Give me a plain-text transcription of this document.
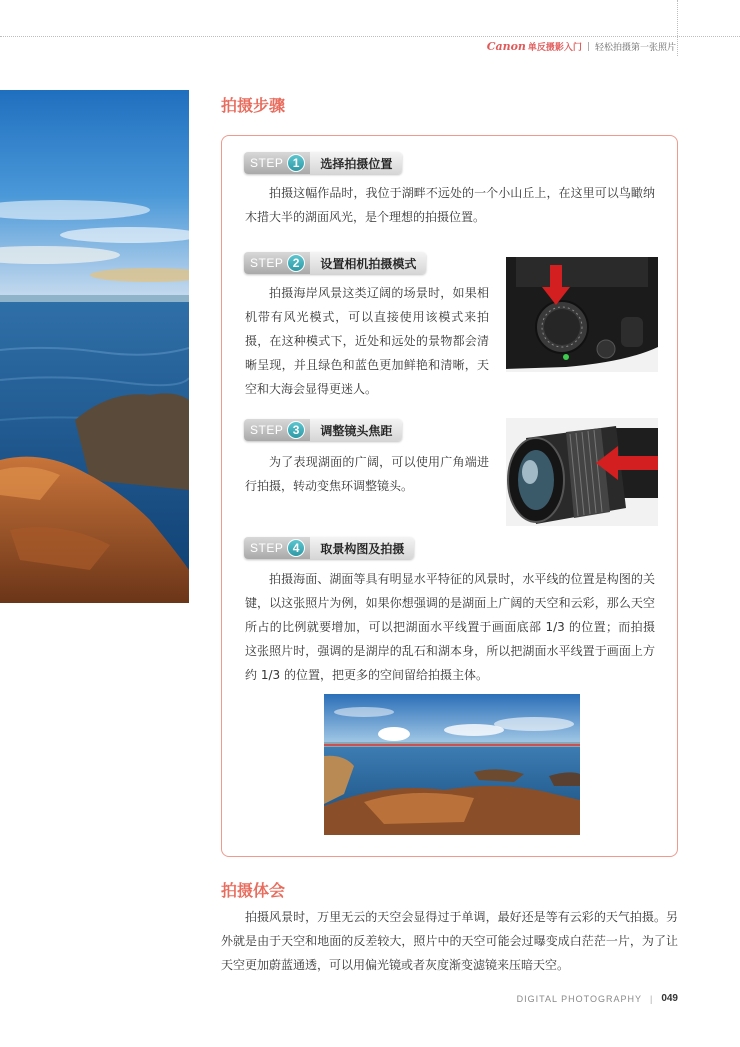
Canon 单反摄影入门 | 轻松拍摄第一张照片
拍摄步骤
STEP 1	选择拍摄位置
拍摄这幅作品时，我位于湖畔不远处的一个小山丘上，在这里可以鸟瞰纳木措大半的湖面风光，是个理想的拍摄位置。
STEP 2	设置相机拍摄模式
拍摄海岸风景这类辽阔的场景时，如果相机带有风光模式，可以直接使用该模式来拍摄，在这种模式下，近处和远处的景物都会清晰呈现，并且绿色和蓝色更加鲜艳和清晰，天空和大海会显得更迷人。
STEP 3	调整镜头焦距
为了表现湖面的广阔，可以使用广角端进行拍摄，转动变焦环调整镜头。
STEP 4	取景构图及拍摄
拍摄海面、湖面等具有明显水平特征的风景时，水平线的位置是构图的关键，以这张照片为例，如果你想强调的是湖面上广阔的天空和云彩，那么天空所占的比例就要增加，可以把湖面水平线置于画面底部 1/3 的位置；而拍摄这张照片时，强调的是湖岸的乱石和湖本身，所以把湖面水平线置于画面上方约 1/3 的位置，把更多的空间留给拍摄主体。
拍摄体会
拍摄风景时，万里无云的天空会显得过于单调，最好还是等有云彩的天气拍摄。另外就是由于天空和地面的反差较大，照片中的天空可能会过曝变成白茫茫一片，为了让天空更加蔚蓝通透，可以用偏光镜或者灰度渐变滤镜来压暗天空。
DIGITAL PHOTOGRAPHY | 049
